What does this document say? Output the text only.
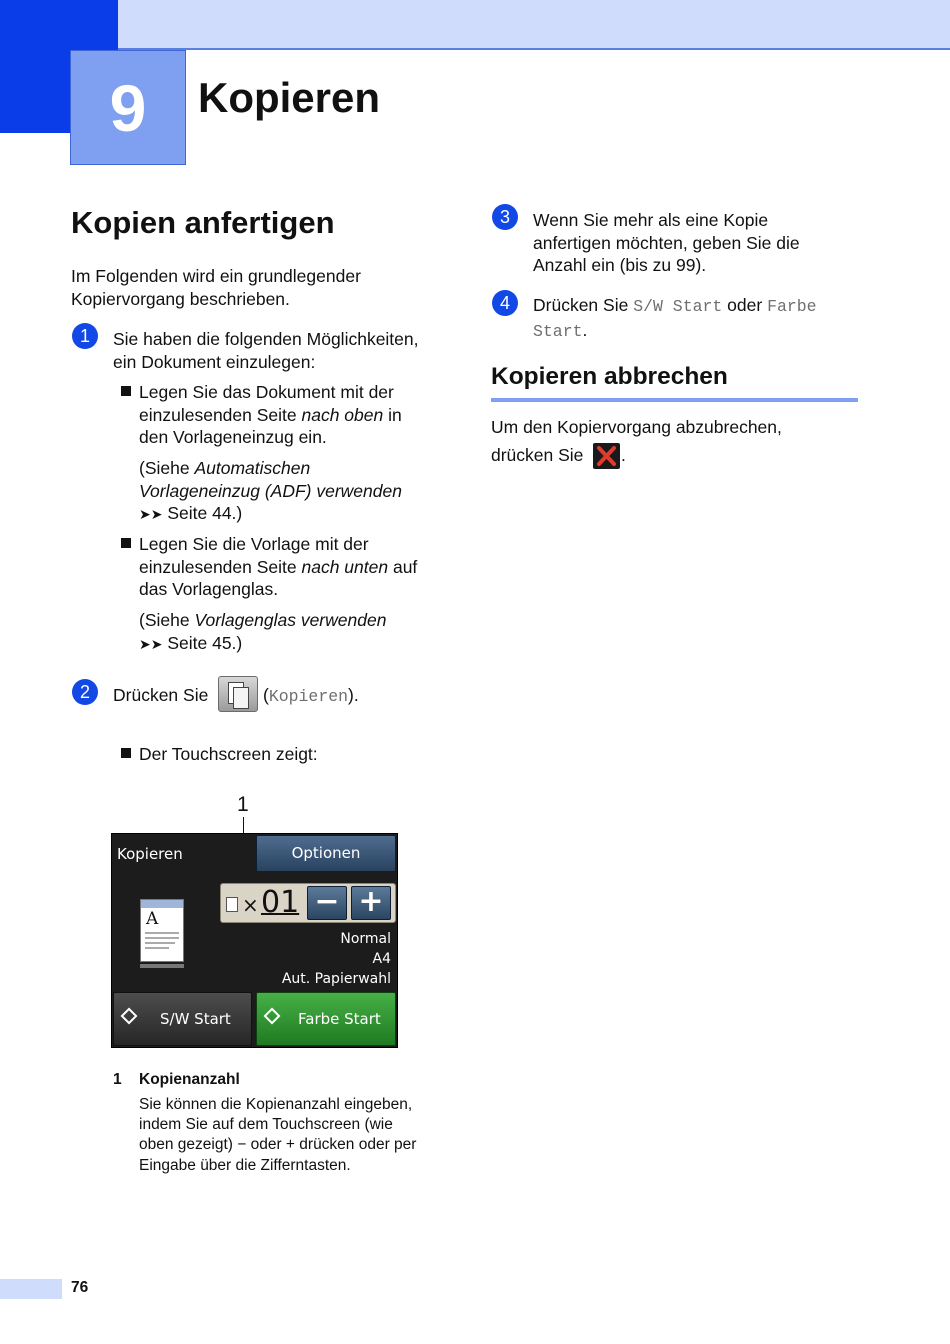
9 Kopieren
Kopien anfertigen
Im Folgenden wird ein grundlegender
Kopiervorgang beschrieben.
1	Sie haben die folgenden Möglichkeiten,
ein Dokument einzulegen:
Legen Sie das Dokument mit der
einzulesenden Seite nach oben in
den Vorlageneinzug ein.
(Siehe Automatischen
Vorlageneinzug (ADF) verwenden
➤➤ Seite 44.)
Legen Sie die Vorlage mit der
einzulesenden Seite nach unten auf
das Vorlagenglas.
(Siehe Vorlagenglas verwenden
➤➤ Seite 45.)
2	Drücken Sie	(Kopieren).
Der Touchscreen zeigt:
1
Kopieren	Optionen
A
× 01 − +
Normal
A4
Aut. Papierwahl
S/W Start	Farbe Start
1 Kopienanzahl
Sie können die Kopienanzahl eingeben,
indem Sie auf dem Touchscreen (wie
oben gezeigt) − oder + drücken oder per
Eingabe über die Zifferntasten.
3	Wenn Sie mehr als eine Kopie
anfertigen möchten, geben Sie die
Anzahl ein (bis zu 99).
4	Drücken Sie S/W Start oder Farbe
Start.
Kopieren abbrechen
Um den Kopiervorgang abzubrechen,
drücken Sie .
76
